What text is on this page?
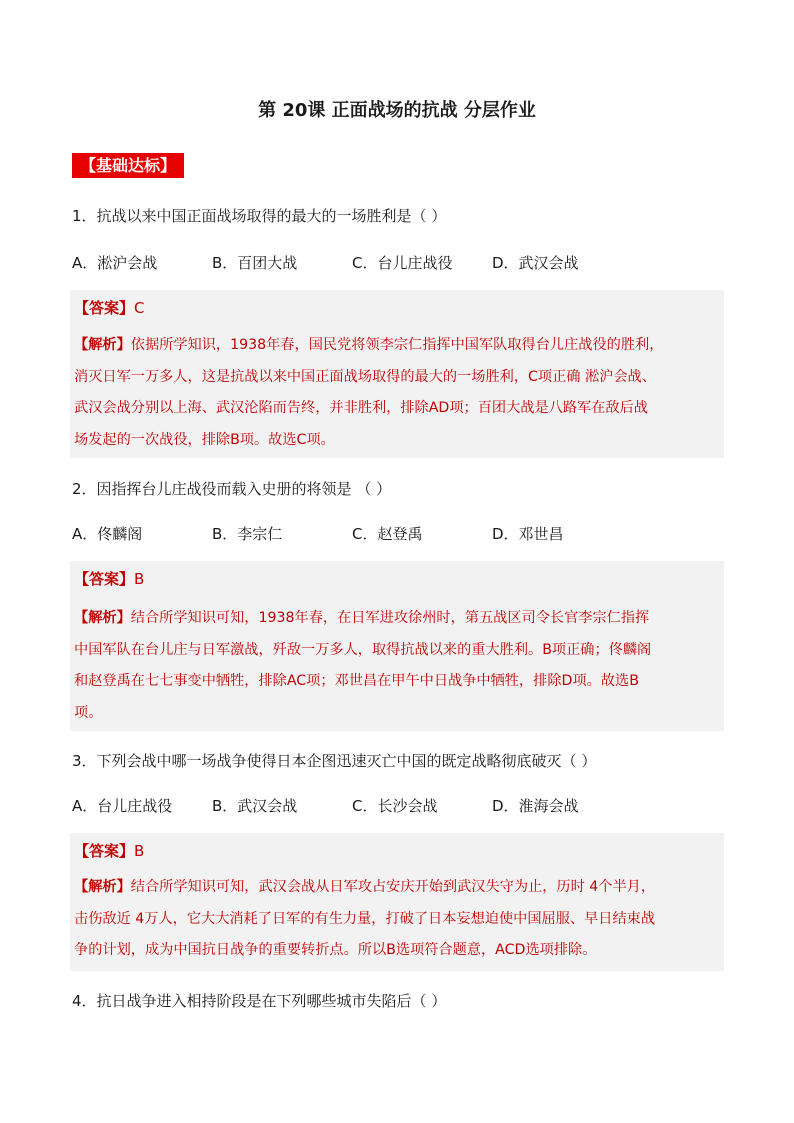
第 20课 正面战场的抗战 分层作业
【基础达标】
1．抗战以来中国正面战场取得的最大的一场胜利是（ ）
A．淞沪会战	B．百团大战	C．台儿庄战役	D．武汉会战
【答案】C
【解析】依据所学知识，1938年春，国民党将领李宗仁指挥中国军队取得台儿庄战役的胜利，
消灭日军一万多人，这是抗战以来中国正面战场取得的最大的一场胜利，C项正确 淞沪会战、
武汉会战分别以上海、武汉沦陷而告终，并非胜利，排除AD项；百团大战是八路军在敌后战
场发起的一次战役，排除B项。故选C项。
2．因指挥台儿庄战役而载入史册的将领是 （ ）
A．佟麟阁	B．李宗仁	C．赵登禹	D．邓世昌
【答案】B
【解析】结合所学知识可知，1938年春，在日军进攻徐州时，第五战区司令长官李宗仁指挥
中国军队在台儿庄与日军激战，歼敌一万多人，取得抗战以来的重大胜利。B项正确；佟麟阁
和赵登禹在七七事变中牺牲，排除AC项；邓世昌在甲午中日战争中牺牲，排除D项。故选B
项。
3．下列会战中哪一场战争使得日本企图迅速灭亡中国的既定战略彻底破灭（ ）
A．台儿庄战役	B．武汉会战	C．长沙会战	D．淮海会战
【答案】B
【解析】结合所学知识可知，武汉会战从日军攻占安庆开始到武汉失守为止，历时 4个半月，
击伤敌近 4万人，它大大消耗了日军的有生力量，打破了日本妄想迫使中国屈服、早日结束战
争的计划，成为中国抗日战争的重要转折点。所以B选项符合题意，ACD选项排除。
4．抗日战争进入相持阶段是在下列哪些城市失陷后（ ）
